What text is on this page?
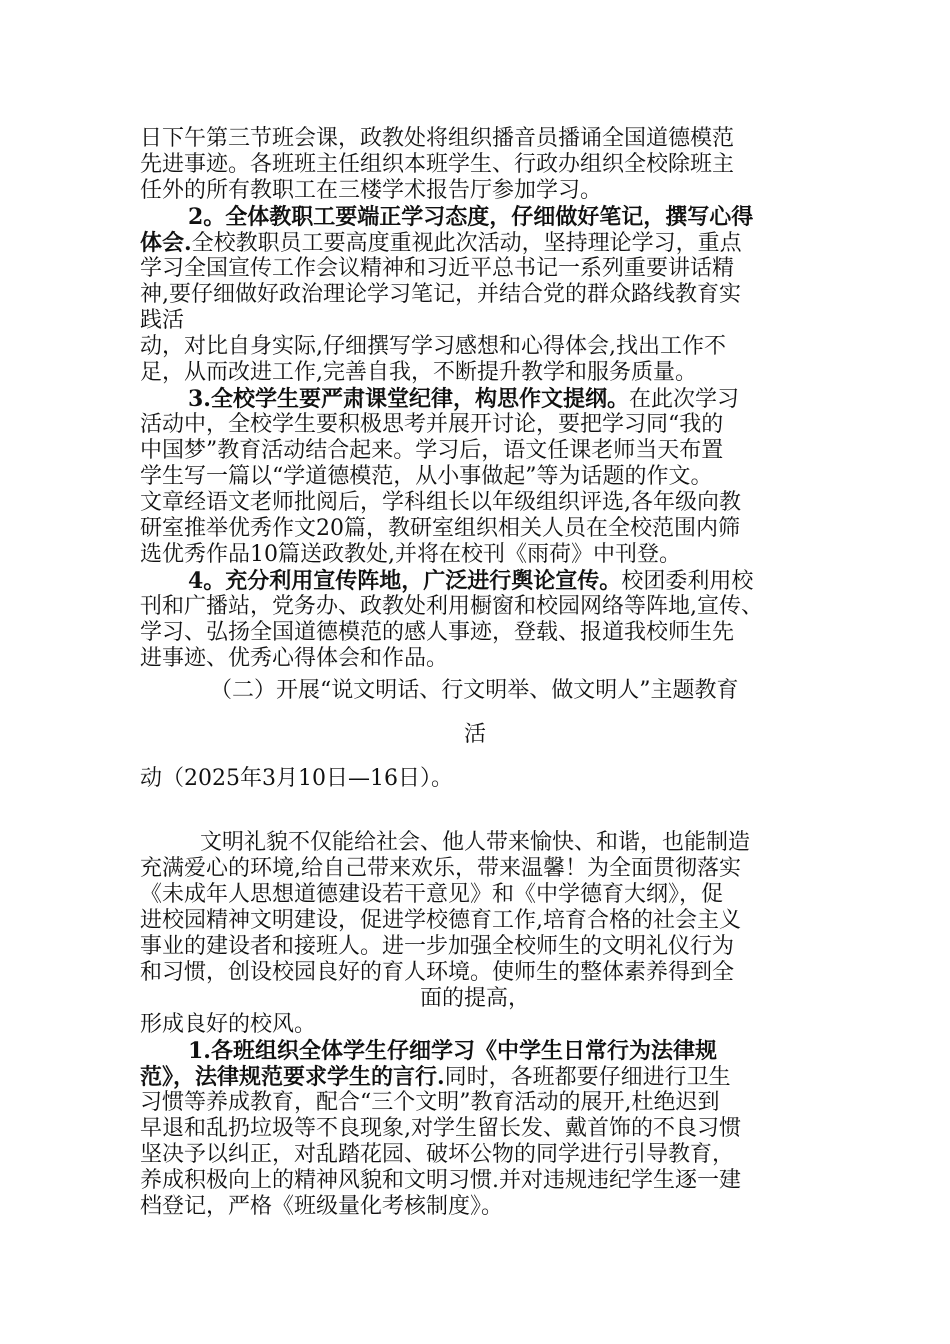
日下午第三节班会课，政教处将组织播音员播诵全国道德模范
先进事迹。各班班主任组织本班学生、行政办组织全校除班主
任外的所有教职工在三楼学术报告厅参加学习。
2。全体教职工要端正学习态度，仔细做好笔记，撰写心得
体会.全校教职员工要高度重视此次活动，坚持理论学习，重点
学习全国宣传工作会议精神和习近平总书记一系列重要讲话精
神,要仔细做好政治理论学习笔记，并结合党的群众路线教育实
践活
动，对比自身实际,仔细撰写学习感想和心得体会,找出工作不
足，从而改进工作,完善自我，不断提升教学和服务质量。
3.全校学生要严肃课堂纪律，构思作文提纲。在此次学习
活动中，全校学生要积极思考并展开讨论，要把学习同“我的
中国梦”教育活动结合起来。学习后，语文任课老师当天布置
学生写一篇以“学道德模范，从小事做起”等为话题的作文。
文章经语文老师批阅后，学科组长以年级组织评选,各年级向教
研室推举优秀作文20篇，教研室组织相关人员在全校范围内筛
选优秀作品10篇送政教处,并将在校刊《雨荷》中刊登。
4。充分利用宣传阵地，广泛进行舆论宣传。校团委利用校
刊和广播站，党务办、政教处利用橱窗和校园网络等阵地,宣传、
学习、弘扬全国道德模范的感人事迹，登载、报道我校师生先
进事迹、优秀心得体会和作品。
（二）开展“说文明话、行文明举、做文明人”主题教育
活
动（2025年3月10日—16日）。
文明礼貌不仅能给社会、他人带来愉快、和谐，也能制造
充满爱心的环境,给自己带来欢乐，带来温馨！为全面贯彻落实
《未成年人思想道德建设若干意见》和《中学德育大纲》，促
进校园精神文明建设，促进学校德育工作,培育合格的社会主义
事业的建设者和接班人。进一步加强全校师生的文明礼仪行为
和习惯，创设校园良好的育人环境。使师生的整体素养得到全
面的提高，
形成良好的校风。
1.各班组织全体学生仔细学习《中学生日常行为法律规
范》，法律规范要求学生的言行.同时，各班都要仔细进行卫生
习惯等养成教育，配合“三个文明”教育活动的展开,杜绝迟到
早退和乱扔垃圾等不良现象,对学生留长发、戴首饰的不良习惯
坚决予以纠正，对乱踏花园、破坏公物的同学进行引导教育，
养成积极向上的精神风貌和文明习惯.并对违规违纪学生逐一建
档登记，严格《班级量化考核制度》。
